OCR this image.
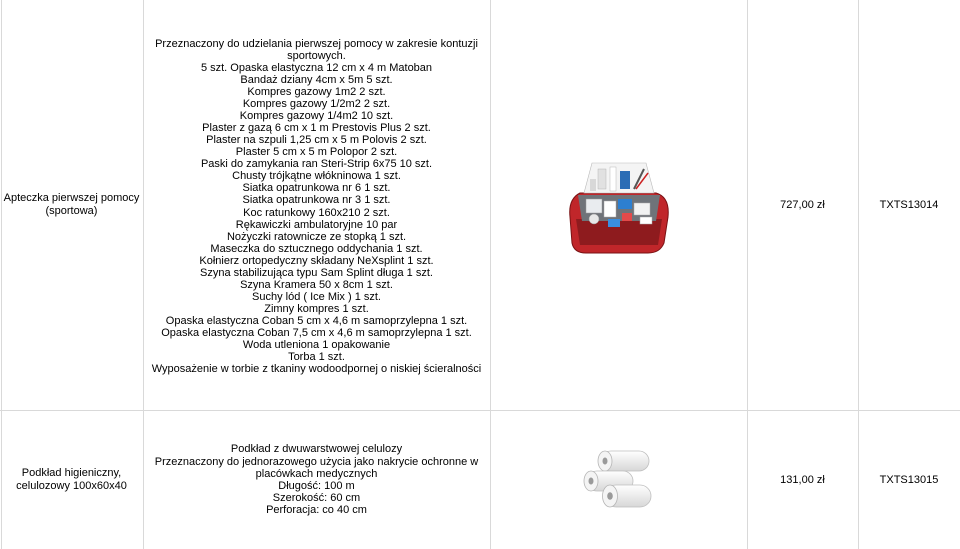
Apteczka pierwszej pomocy
(sportowa)
Przeznaczony do udzielania pierwszej pomocy w zakresie kontuzji
sportowych.
5 szt. Opaska elastyczna 12 cm x 4 m Matoban
Bandaż dziany 4cm x 5m 5 szt.
Kompres gazowy 1m2 2 szt.
Kompres gazowy 1/2m2 2 szt.
Kompres gazowy 1/4m2 10 szt.
Plaster z gazą 6 cm x 1 m Prestovis Plus 2 szt.
Plaster na szpuli 1,25 cm x 5 m Polovis 2 szt.
Plaster 5 cm x 5 m Polopor 2 szt.
Paski do zamykania ran Steri-Strip 6x75 10 szt.
Chusty trójkątne włókninowa 1 szt.
Siatka opatrunkowa nr 6 1 szt.
Siatka opatrunkowa nr 3 1 szt.
Koc ratunkowy 160x210 2 szt.
Rękawiczki ambulatoryjne 10 par
Nożyczki ratownicze ze stopką 1 szt.
Maseczka do sztucznego oddychania 1 szt.
Kołnierz ortopedyczny składany NeXsplint 1 szt.
Szyna stabilizująca typu Sam Splint długa 1 szt.
Szyna Kramera 50 x 8cm 1 szt.
Suchy lód ( Ice Mix ) 1 szt.
Zimny kompres 1 szt.
Opaska elastyczna Coban 5 cm x 4,6 m samoprzylepna 1 szt.
Opaska elastyczna Coban 7,5 cm x 4,6 m samoprzylepna 1 szt.
Woda utleniona 1 opakowanie
Torba 1 szt.
Wyposażenie w torbie z tkaniny wodoodpornej o niskiej ścieralności
727,00 zł	TXTS13014
Podkład higieniczny,
celulozowy 100x60x40
Podkład z dwuwarstwowej celulozy
Przeznaczony do jednorazowego użycia jako nakrycie ochronne w
placówkach medycznych
Długość: 100 m
Szerokość: 60 cm
Perforacja: co 40 cm
131,00 zł	TXTS13015
